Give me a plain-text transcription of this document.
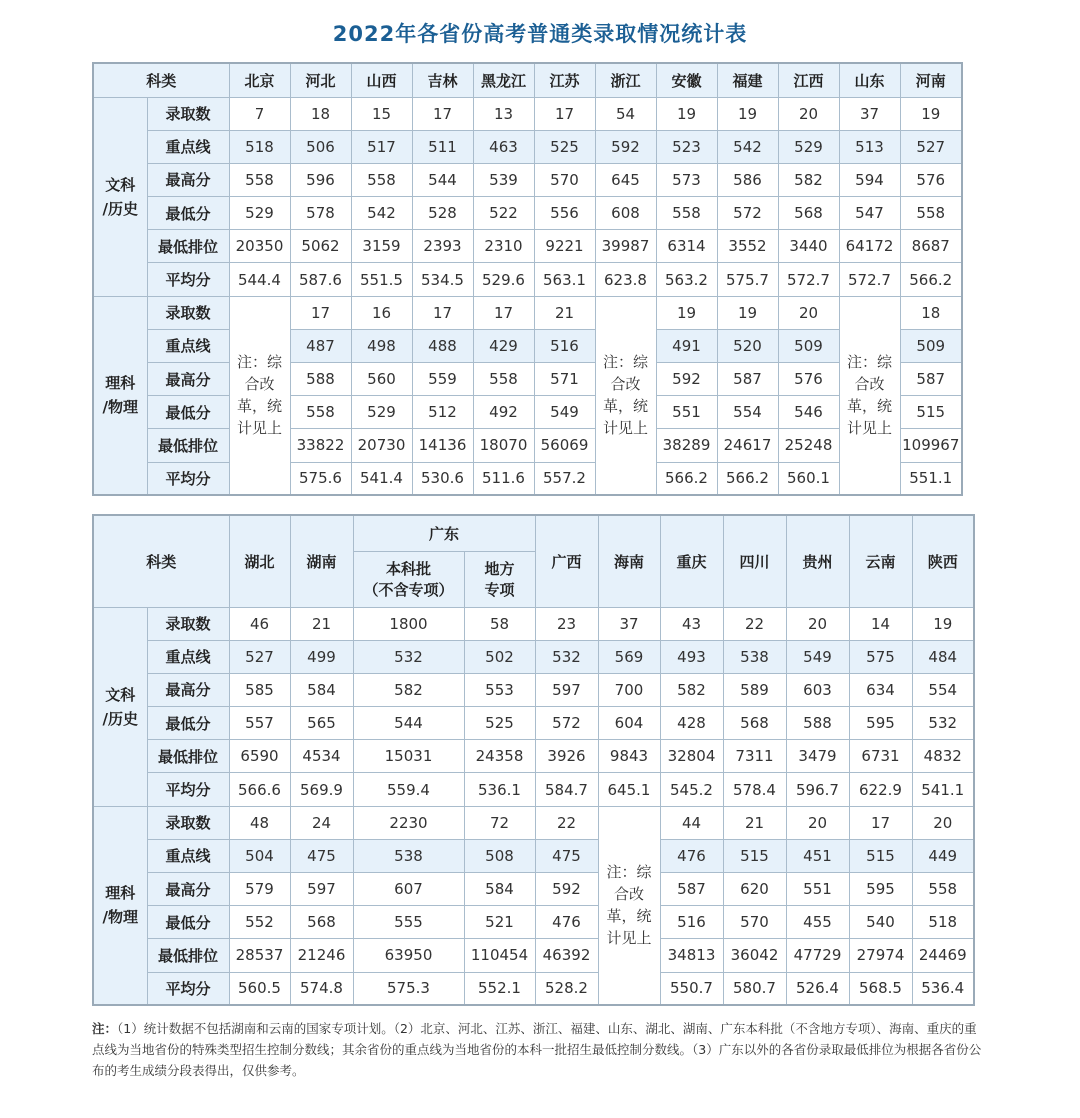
2022年各省份高考普通类录取情况统计表
科类		北京	河北	山西	吉林	黑龙江	江苏	浙江	安徽	福建	江西	山东	河南
文科
/历史	录取数	7	18	15	17	13	17	54	19	19	20	37	19
	重点线	518	506	517	511	463	525	592	523	542	529	513	527
	最高分	558	596	558	544	539	570	645	573	586	582	594	576
	最低分	529	578	542	528	522	556	608	558	572	568	547	558
	最低排位	20350	5062	3159	2393	2310	9221	39987	6314	3552	3440	64172	8687
	平均分	544.4	587.6	551.5	534.5	529.6	563.1	623.8	563.2	575.7	572.7	572.7	566.2
理科
/物理	录取数	注：综
合改
革，统
计见上	17	16	17	17	21	注：综
合改
革，统
计见上	19	19	20	注：综
合改
革，统
计见上	18
	重点线		487	498	488	429	516		491	520	509		509
	最高分		588	560	559	558	571		592	587	576		587
	最低分		558	529	512	492	549		551	554	546		515
	最低排位		33822	20730	14136	18070	56069		38289	24617	25248		109967
	平均分		575.6	541.4	530.6	511.6	557.2		566.2	566.2	560.1		551.1
科类		湖北	湖南	广东		广西	海南	重庆	四川	贵州	云南	陕西
				本科批
（不含专项）	地方
专项							
文科
/历史	录取数	46	21	1800	58	23	37	43	22	20	14	19
	重点线	527	499	532	502	532	569	493	538	549	575	484
	最高分	585	584	582	553	597	700	582	589	603	634	554
	最低分	557	565	544	525	572	604	428	568	588	595	532
	最低排位	6590	4534	15031	24358	3926	9843	32804	7311	3479	6731	4832
	平均分	566.6	569.9	559.4	536.1	584.7	645.1	545.2	578.4	596.7	622.9	541.1
理科
/物理	录取数	48	24	2230	72	22	注：综
合改
革，统
计见上	44	21	20	17	20
	重点线	504	475	538	508	475		476	515	451	515	449
	最高分	579	597	607	584	592		587	620	551	595	558
	最低分	552	568	555	521	476		516	570	455	540	518
	最低排位	28537	21246	63950	110454	46392		34813	36042	47729	27974	24469
	平均分	560.5	574.8	575.3	552.1	528.2		550.7	580.7	526.4	568.5	536.4
注：（1）统计数据不包括湖南和云南的国家专项计划。（2）北京、河北、江苏、浙江、福建、山东、湖北、湖南、广东本科批（不含地方专项）、海南、重庆的重点线为当地省份的特殊类型招生控制分数线；其余省份的重点线为当地省份的本科一批招生最低控制分数线。（3）广东以外的各省份录取最低排位为根据各省份公布的考生成绩分段表得出，仅供参考。
